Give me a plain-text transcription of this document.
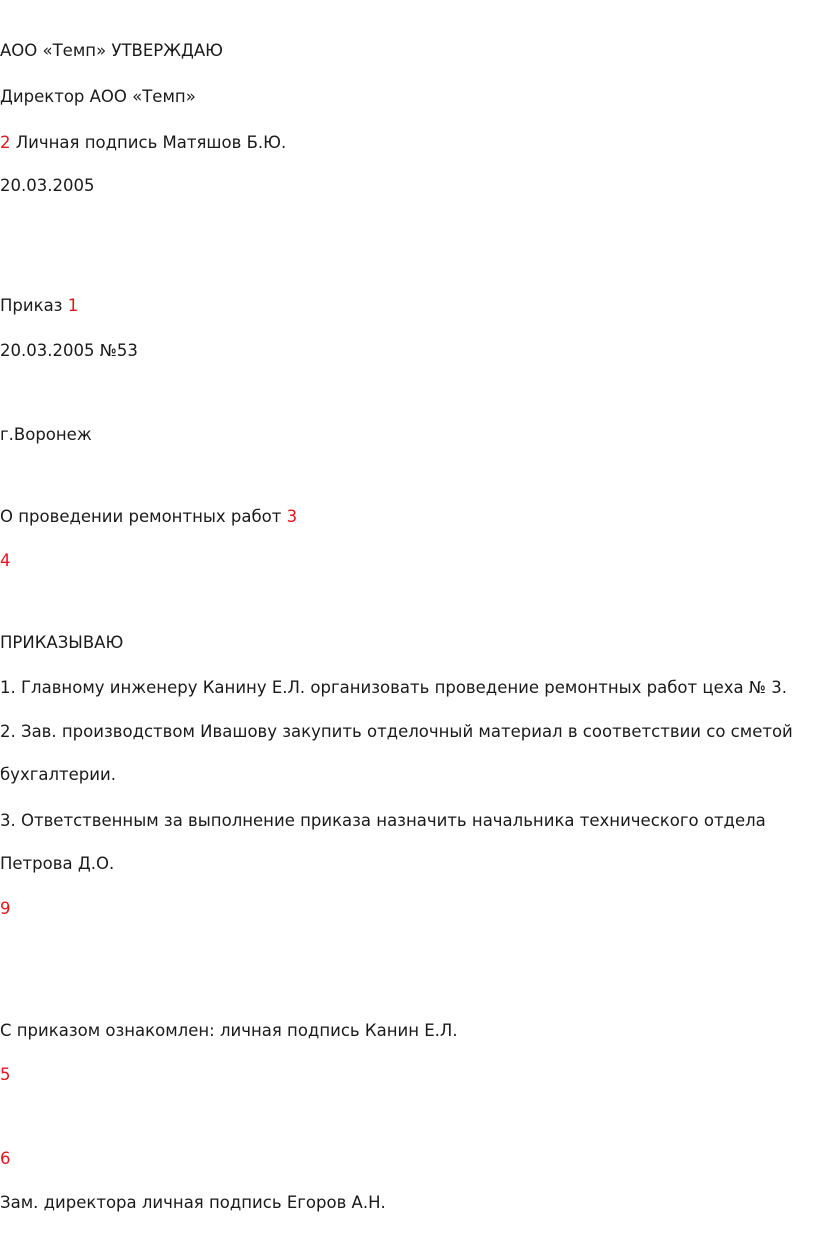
АОО «Темп» УТВЕРЖДАЮ
Директор АОО «Темп»
2 Личная подпись Матяшов Б.Ю.
20.03.2005
Приказ 1
20.03.2005 №53
г.Воронеж
О проведении ремонтных работ 3
4
ПРИКАЗЫВАЮ
1. Главному инженеру Канину Е.Л. организовать проведение ремонтных работ цеха № 3.
2. Зав. производством Ивашову закупить отделочный материал в соответствии со сметой
бухгалтерии.
3. Ответственным за выполнение приказа назначить начальника технического отдела
Петрова Д.О.
9
С приказом ознакомлен: личная подпись Канин Е.Л.
5
6
Зам. директора личная подпись Егоров А.Н.
